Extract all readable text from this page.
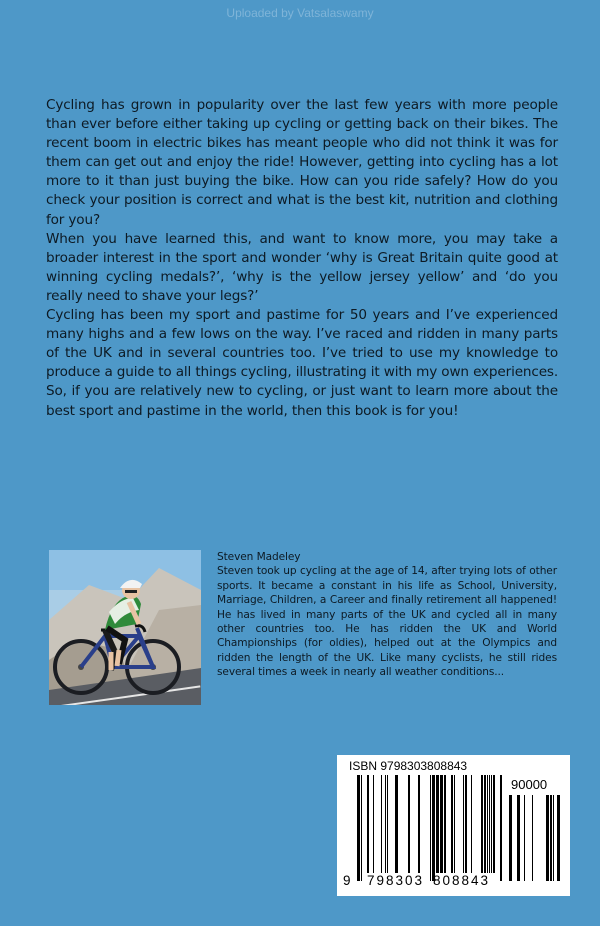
Uploaded by Vatsalaswamy

Cycling has grown in popularity over the last few years with more people than ever before either taking up cycling or getting back on their bikes. The recent boom in electric bikes has meant people who did not think it was for them can get out and enjoy the ride! However, getting into cycling has a lot more to it than just buying the bike. How can you ride safely? How do you check your position is correct and what is the best kit, nutrition and clothing for you?

When you have learned this, and want to know more, you may take a broader interest in the sport and wonder ‘why is Great Britain quite good at winning cycling medals?’, ‘why is the yellow jersey yellow’ and ‘do you really need to shave your legs?’

Cycling has been my sport and pastime for 50 years and I’ve experienced many highs and a few lows on the way. I’ve raced and ridden in many parts of the UK and in several countries too. I’ve tried to use my knowledge to produce a guide to all things cycling, illustrating it with my own experiences.

So, if you are relatively new to cycling, or just want to learn more about the best sport and pastime in the world, then this book is for you!

Steven Madeley

Steven took up cycling at the age of 14, after trying lots of other sports. It became a constant in his life as School, University, Marriage, Children, a Career and finally retirement all happened! He has lived in many parts of the UK and cycled all in many other countries too. He has ridden the UK and World Championships (for oldies), helped out at the Olympics and ridden the length of the UK. Like many cyclists, he still rides several times a week in nearly all weather conditions...

ISBN 9798303808843
90000
9 798303 808843
